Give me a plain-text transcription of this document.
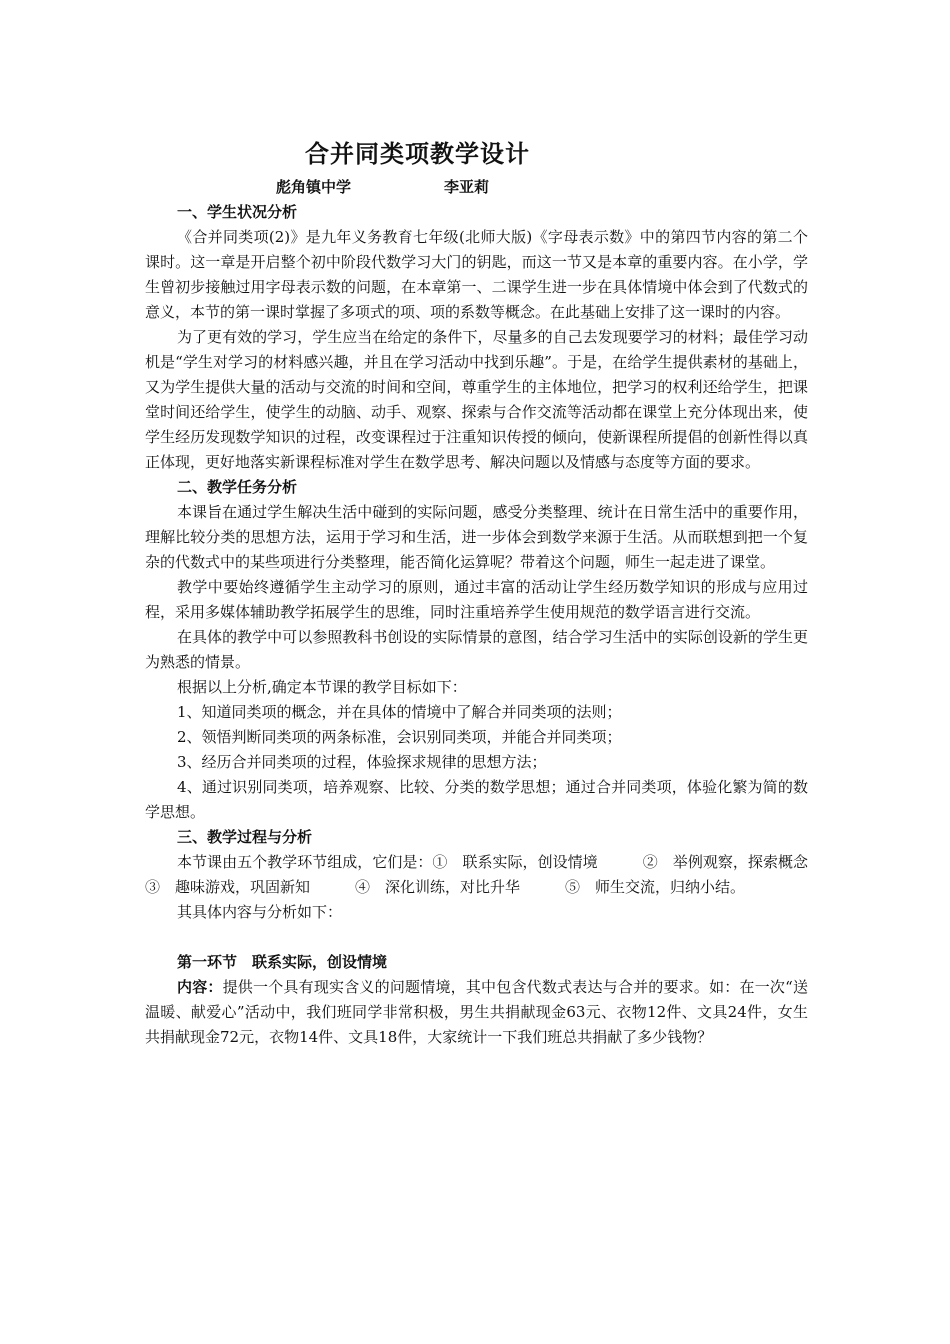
合并同类项教学设计
彪角镇中学	李亚莉

一、学生状况分析

《合并同类项(2)》是九年义务教育七年级(北师大版)《字母表示数》中的第四节内容的第二个课时。这一章是开启整个初中阶段代数学习大门的钥匙，而这一节又是本章的重要内容。在小学，学生曾初步接触过用字母表示数的问题，在本章第一、二课学生进一步在具体情境中体会到了代数式的意义，本节的第一课时掌握了多项式的项、项的系数等概念。在此基础上安排了这一课时的内容。

为了更有效的学习，学生应当在给定的条件下，尽量多的自己去发现要学习的材料；最佳学习动机是“学生对学习的材料感兴趣，并且在学习活动中找到乐趣”。于是，在给学生提供素材的基础上，又为学生提供大量的活动与交流的时间和空间，尊重学生的主体地位，把学习的权利还给学生，把课堂时间还给学生，使学生的动脑、动手、观察、探索与合作交流等活动都在课堂上充分体现出来，使学生经历发现数学知识的过程，改变课程过于注重知识传授的倾向，使新课程所提倡的创新性得以真正体现，更好地落实新课程标准对学生在数学思考、解决问题以及情感与态度等方面的要求。

二、教学任务分析

本课旨在通过学生解决生活中碰到的实际问题，感受分类整理、统计在日常生活中的重要作用，理解比较分类的思想方法，运用于学习和生活，进一步体会到数学来源于生活。从而联想到把一个复杂的代数式中的某些项进行分类整理，能否简化运算呢？带着这个问题，师生一起走进了课堂。

教学中要始终遵循学生主动学习的原则，通过丰富的活动让学生经历数学知识的形成与应用过程，采用多媒体辅助教学拓展学生的思维，同时注重培养学生使用规范的数学语言进行交流。

在具体的教学中可以参照教科书创设的实际情景的意图，结合学习生活中的实际创设新的学生更为熟悉的情景。

根据以上分析,确定本节课的教学目标如下：

1、知道同类项的概念，并在具体的情境中了解合并同类项的法则；

2、领悟判断同类项的两条标准，会识别同类项，并能合并同类项；

3、经历合并同类项的过程，体验探求规律的思想方法；

4、通过识别同类项，培养观察、比较、分类的数学思想；通过合并同类项，体验化繁为简的数学思想。

三、教学过程与分析

本节课由五个教学环节组成，它们是：①　联系实际，创设情境　　　②　举例观察，探索概念　③　趣味游戏，巩固新知　　　④　深化训练，对比升华　　　⑤　师生交流，归纳小结。

其具体内容与分析如下：

第一环节　联系实际，创设情境

内容：提供一个具有现实含义的问题情境，其中包含代数式表达与合并的要求。如：在一次“送温暖、献爱心”活动中，我们班同学非常积极，男生共捐献现金63元、衣物12件、文具24件，女生共捐献现金72元，衣物14件、文具18件，大家统计一下我们班总共捐献了多少钱物？
